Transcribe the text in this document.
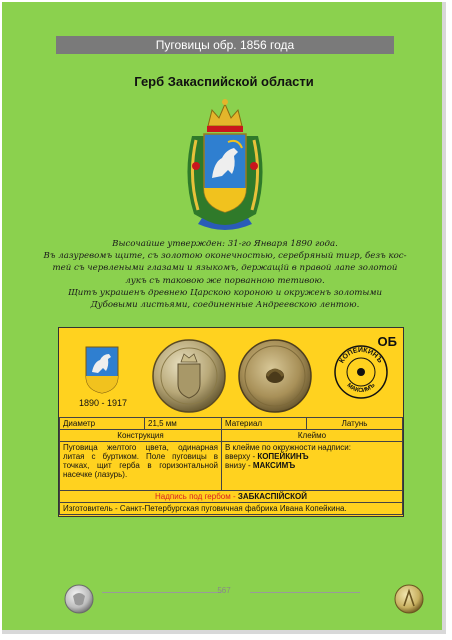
Пуговицы обр. 1856 года
Герб Закаспийской области
Высочайше утвержден: 31-го Января 1890 года.
Въ лазуревомъ щите, съ золотою оконечностью, серебряный тигр, безъ кос-
тей съ червлеными глазами и языкомъ, держащій в правой лапе золотой
лукъ съ таковою же порванною тетивою.
Щитъ украшенъ древнею Царскою короною и окруженъ золотыми
Дубовыми листьями, соединенные Андреевскою лентою.
ОБ
1890 - 1917
КОПЕЙКИНЪ
МАКСИМЪ
Диаметр	21,5 мм	Материал	Латунь
Конструкция		Клеймо	
Пуговица желтого цвета, одинарная литая с буртиком. Поле пуговицы в точках, щит герба в горизонтальной насечке (лазурь).		В клейме по окружности надписи:
вверху - КОПЕЙКИНЪ
внизу - МАКСИМЪ	

Надпись под гербом - ЗАБКАСПIЙСКОЙ			
Изготовитель - Санкт-Петербургская пуговичная фабрика Ивана Копейкина.			
567
